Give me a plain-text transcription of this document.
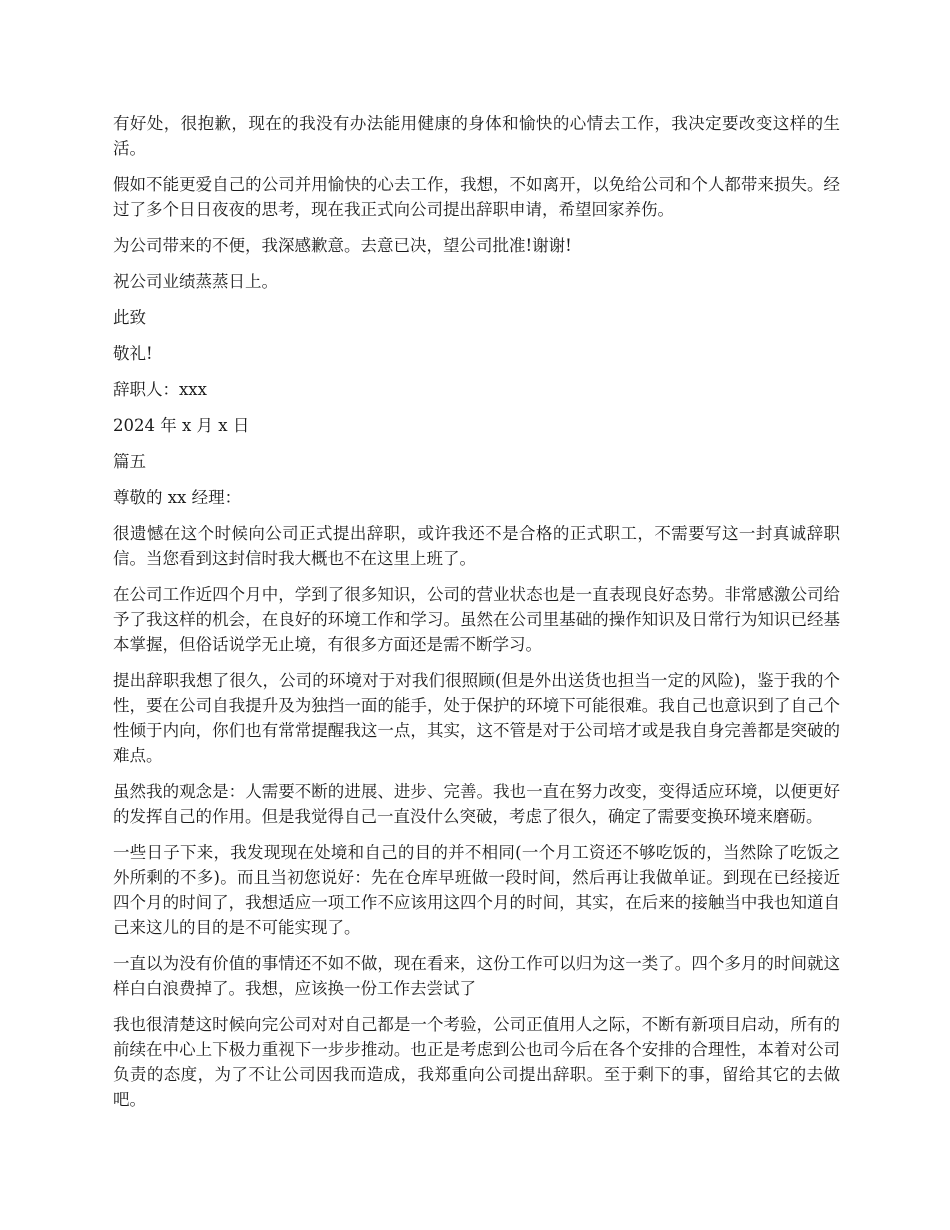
有好处，很抱歉，现在的我没有办法能用健康的身体和愉快的心情去工作，我决定要改变这样的生活。

假如不能更爱自己的公司并用愉快的心去工作，我想，不如离开，以免给公司和个人都带来损失。经过了多个日日夜夜的思考，现在我正式向公司提出辞职申请，希望回家养伤。

为公司带来的不便，我深感歉意。去意已决，望公司批准!谢谢!

祝公司业绩蒸蒸日上。

此致

敬礼!

辞职人：xxx

2024 年 x 月 x 日

篇五

尊敬的 xx 经理：

很遗憾在这个时候向公司正式提出辞职，或许我还不是合格的正式职工，不需要写这一封真诚辞职信。当您看到这封信时我大概也不在这里上班了。

在公司工作近四个月中，学到了很多知识，公司的营业状态也是一直表现良好态势。非常感激公司给予了我这样的机会，在良好的环境工作和学习。虽然在公司里基础的操作知识及日常行为知识已经基本掌握，但俗话说学无止境，有很多方面还是需不断学习。

提出辞职我想了很久，公司的环境对于对我们很照顾(但是外出送货也担当一定的风险)，鉴于我的个性，要在公司自我提升及为独挡一面的能手，处于保护的环境下可能很难。我自己也意识到了自己个性倾于内向，你们也有常常提醒我这一点，其实，这不管是对于公司培才或是我自身完善都是突破的难点。

虽然我的观念是：人需要不断的进展、进步、完善。我也一直在努力改变，变得适应环境，以便更好的发挥自己的作用。但是我觉得自己一直没什么突破，考虑了很久，确定了需要变换环境来磨砺。

一些日子下来，我发现现在处境和自己的目的并不相同(一个月工资还不够吃饭的，当然除了吃饭之外所剩的不多)。而且当初您说好：先在仓库早班做一段时间，然后再让我做单证。到现在已经接近四个月的时间了，我想适应一项工作不应该用这四个月的时间，其实，在后来的接触当中我也知道自己来这儿的目的是不可能实现了。

一直以为没有价值的事情还不如不做，现在看来，这份工作可以归为这一类了。四个多月的时间就这样白白浪费掉了。我想，应该换一份工作去尝试了

我也很清楚这时候向完公司对对自己都是一个考验，公司正值用人之际，不断有新项目启动，所有的前续在中心上下极力重视下一步步推动。也正是考虑到公也司今后在各个安排的合理性，本着对公司负责的态度，为了不让公司因我而造成，我郑重向公司提出辞职。至于剩下的事，留给其它的去做吧。
